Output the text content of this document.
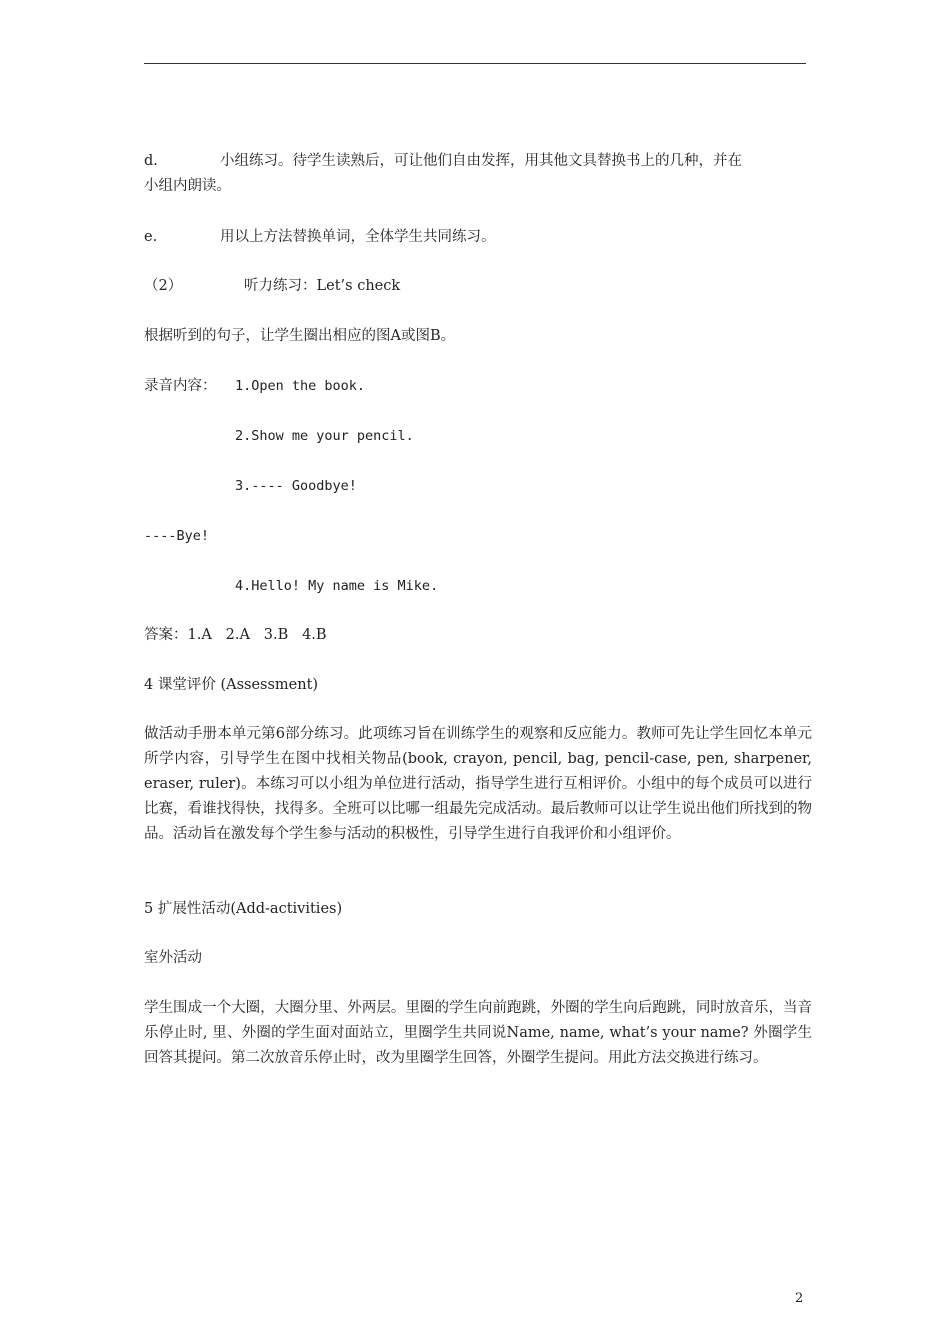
d.	小组练习。待学生读熟后，可让他们自由发挥，用其他文具替换书上的几种，并在
小组内朗读。
e.	用以上方法替换单词，全体学生共同练习。
（2）	听力练习：Let’s check
根据听到的句子，让学生圈出相应的图A或图B。
录音内容： 1.Open the book.
2.Show me your pencil.
3.---- Goodbye!
----Bye!
4.Hello! My name is Mike.
答案：1.A   2.A   3.B   4.B
4 课堂评价 (Assessment)
做活动手册本单元第6部分练习。此项练习旨在训练学生的观察和反应能力。教师可先让学生回忆本单元所学内容，引导学生在图中找相关物品(book, crayon, pencil, bag, pencil-case, pen, sharpener, eraser, ruler)。本练习可以小组为单位进行活动，指导学生进行互相评价。小组中的每个成员可以进行比赛，看谁找得快，找得多。全班可以比哪一组最先完成活动。最后教师可以让学生说出他们所找到的物品。活动旨在激发每个学生参与活动的积极性，引导学生进行自我评价和小组评价。
5 扩展性活动(Add-activities)
室外活动
学生围成一个大圈，大圈分里、外两层。里圈的学生向前跑跳，外圈的学生向后跑跳，同时放音乐，当音乐停止时, 里、外圈的学生面对面站立，里圈学生共同说Name, name, what’s your name? 外圈学生回答其提问。第二次放音乐停止时，改为里圈学生回答，外圈学生提问。用此方法交换进行练习。
2
